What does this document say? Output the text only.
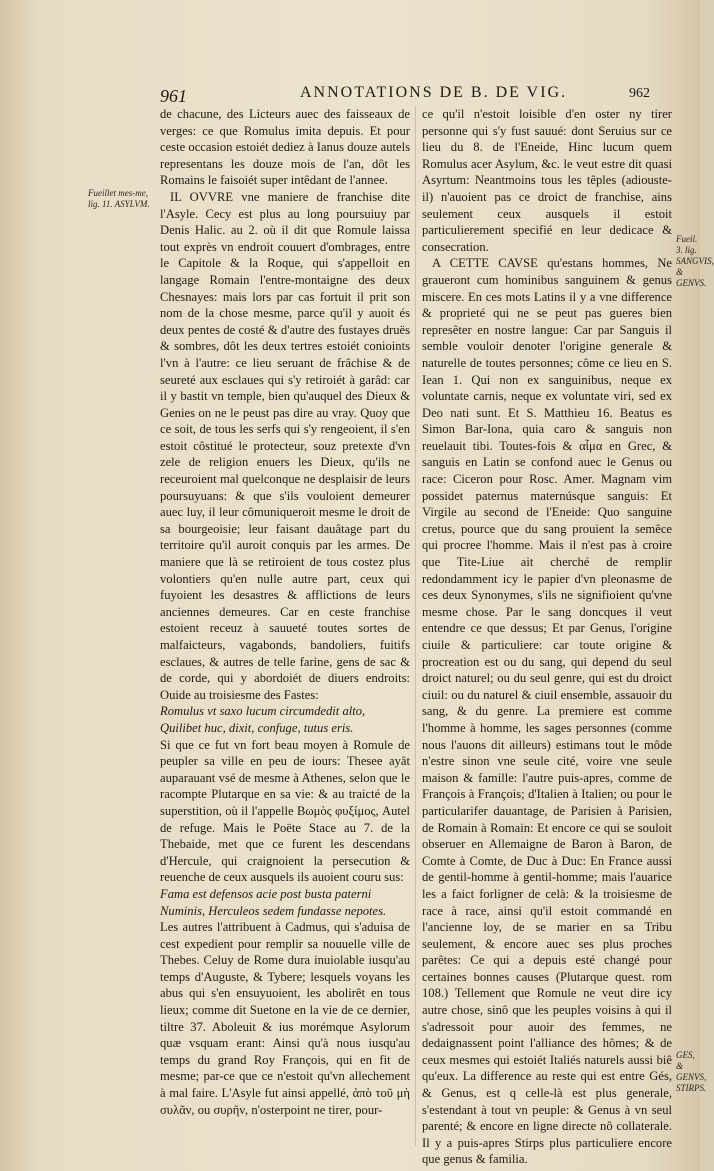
961	ANNOTATIONS DE B. DE VIG.	962
Fueillet mes-me, lig. 11. ASYLVM.
Fueil. 3. lig. SANGVIS, & GENVS.
GES, & GENVS, STIRPS.

de chacune, des Licteurs auec des faisseaux de verges: ce que Romulus imita depuis. Et pour ceste occasion estoiét dediez à Ianus douze autels representans les douze mois de l'an, dôt les Romains le faisoiét super intêdant de l'annee.

IL OVVRE vne maniere de franchise dite l'Asyle. Cecy est plus au long poursuiuy par Denis Halic. au 2. où il dit que Romule laissa tout exprès vn endroit couuert d'ombrages, entre le Capitole & la Roque, qui s'appelloit en langage Romain l'entre-montaigne des deux Chesnayes: mais lors par cas fortuit il prit son nom de la chose mesme, parce qu'il y auoit és deux pentes de costé & d'autre des fustayes druës & sombres, dôt les deux tertres estoiét conioints l'vn à l'autre: ce lieu seruant de frâchise & de seureté aux esclaues qui s'y retiroiét à garâd: car il y bastit vn temple, bien qu'auquel des Dieux & Genies on ne le peust pas dire au vray. Quoy que ce soit, de tous les serfs qui s'y rengeoient, il s'en estoit côstitué le protecteur, souz pretexte d'vn zele de religion enuers les Dieux, qu'ils ne receuroient mal quelconque ne desplaisir de leurs poursuyuans: & que s'ils vouloient demeurer auec luy, il leur cômuniqueroit mesme le droit de sa bourgeoisie; leur faisant dauâtage part du territoire qu'il auroit conquis par les armes. De maniere que là se retiroient de tous costez plus volontiers qu'en nulle autre part, ceux qui fuyoient les desastres & afflictions de leurs anciennes demeures. Car en ceste franchise estoient receuz à sauueté toutes sortes de malfaicteurs, vagabonds, bandoliers, fuitifs esclaues, & autres de telle farine, gens de sac & de corde, qui y abordoiét de diuers endroits: Ouide au troisiesme des Fastes:

Romulus vt saxo lucum circumdedit alto,

Quilibet huc, dixit, confuge, tutus eris.

Si que ce fut vn fort beau moyen à Romule de peupler sa ville en peu de iours: Thesee ayât auparauant vsé de mesme à Athenes, selon que le racompte Plutarque en sa vie: & au traicté de la superstition, où il l'appelle Βωμὸς φυξίμος, Autel de refuge. Mais le Poëte Stace au 7. de la Thebaide, met que ce furent les descendans d'Hercule, qui craignoient la persecution & reuenche de ceux ausquels ils auoient couru sus:

Fama est defensos acie post busta paterni

Numinis, Herculeos sedem fundasse nepotes.

Les autres l'attribuent à Cadmus, qui s'aduisa de cest expedient pour remplir sa nouuelle ville de Thebes. Celuy de Rome dura inuiolable iusqu'au temps d'Auguste, & Tybere; lesquels voyans les abus qui s'en ensuyuoient, les abolirêt en tous lieux; comme dit Suetone en la vie de ce dernier, tiltre 37. Aboleuit & ius morémque Asylorum quæ vsquam erant: Ainsi qu'à nous iusqu'au temps du grand Roy François, qui en fit de mesme; par-ce que ce n'estoit qu'vn allechement à mal faire. L'Asyle fut ainsi appellé, ἀπὸ τοῦ μὴ συλᾶν, ou συρῆν, n'osterpoint ne tirer, pour-

ce qu'il n'estoit loisible d'en oster ny tirer personne qui s'y fust sauué: dont Seruius sur ce lieu du 8. de l'Eneide, Hinc lucum quem Romulus acer Asylum, &c. le veut estre dit quasi Asyrtum: Neantmoins tous les têples (adiouste-il) n'auoient pas ce droict de franchise, ains seulement ceux ausquels il estoit particulierement specifié en leur dedicace & consecration.

A CETTE CAVSE qu'estans hommes, Ne graueront cum hominibus sanguinem & genus miscere. En ces mots Latins il y a vne difference & proprieté qui ne se peut pas gueres bien represêter en nostre langue: Car par Sanguis il semble vouloir denoter l'origine generale & naturelle de toutes personnes; côme ce lieu en S. Iean 1. Qui non ex sanguinibus, neque ex voluntate carnis, neque ex voluntate viri, sed ex Deo nati sunt. Et S. Matthieu 16. Beatus es Simon Bar-Iona, quia caro & sanguis non reuelauit tibi. Toutes-fois & αἷμα en Grec, & sanguis en Latin se confond auec le Genus ou race: Ciceron pour Rosc. Amer. Magnam vim possidet paternus maternúsque sanguis: Et Virgile au second de l'Eneide: Quo sanguine cretus, pource que du sang prouient la semêce qui procree l'homme. Mais il n'est pas à croire que Tite-Liue ait cherché de remplir redondamment icy le papier d'vn pleonasme de ces deux Synonymes, s'ils ne signifioient qu'vne mesme chose. Par le sang doncques il veut entendre ce que dessus; Et par Genus, l'origine ciuile & particuliere: car toute origine & procreation est ou du sang, qui depend du seul droict naturel; ou du seul genre, qui est du droict ciuil: ou du naturel & ciuil ensemble, assauoir du sang, & du genre. La premiere est comme l'homme à homme, les sages personnes (comme nous l'auons dit ailleurs) estimans tout le môde n'estre sinon vne seule cité, voire vne seule maison & famille: l'autre puis-apres, comme de François à François; d'Italien à Italien; ou pour le particularifer dauantage, de Parisien à Parisien, de Romain à Romain: Et encore ce qui se souloit obseruer en Allemaigne de Baron à Baron, de Comte à Comte, de Duc à Duc: En France aussi de gentil-homme à gentil-homme; mais l'auarice les a faict forligner de celà: & la troisiesme de race à race, ainsi qu'il estoit commandé en l'ancienne loy, de se marier en sa Tribu seulement, & encore auec ses plus proches parêtes: Ce qui a depuis esté changé pour certaines bonnes causes (Plutarque quest. rom 108.) Tellement que Romule ne veut dire icy autre chose, sinô que les peuples voisins à qui il s'adressoit pour auoir des femmes, ne dedaignassent point l'alliance des hômes; & de ceux mesmes qui estoiét Italiés naturels aussi biê qu'eux. La difference au reste qui est entre Gés, & Genus, est q celle-là est plus generale, s'estendant à tout vn peuple: & Genus à vn seul parenté; & encore en ligne directe nô collaterale. Il y a puis-apres Stirps plus particuliere encore que genus & familia.
